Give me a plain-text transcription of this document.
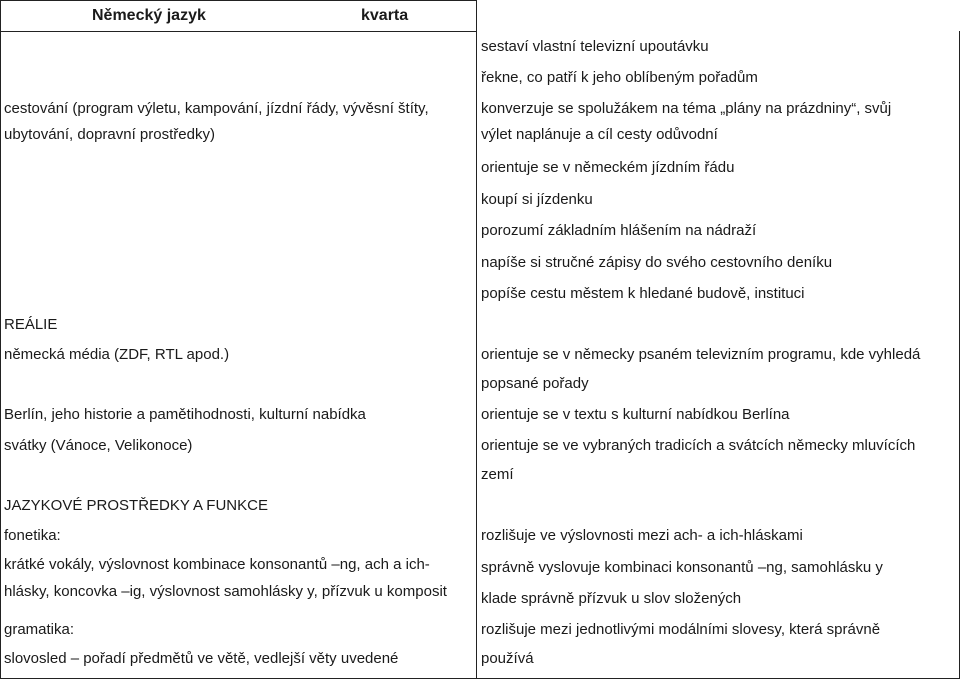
Německý jazyk	kvarta
cestování (program výletu, kampování, jízdní řády, vývěsní štíty,
ubytování, dopravní prostředky)
REÁLIE
německá média (ZDF, RTL apod.)
Berlín, jeho historie a pamětihodnosti, kulturní nabídka
svátky (Vánoce, Velikonoce)
JAZYKOVÉ PROSTŘEDKY A FUNKCE
fonetika:
krátké vokály, výslovnost kombinace konsonantů –ng, ach a ich-
hlásky, koncovka –ig, výslovnost samohlásky y, přízvuk u komposit
gramatika:
slovosled – pořadí předmětů ve větě, vedlejší věty uvedené
sestaví vlastní televizní upoutávku
řekne, co patří k jeho oblíbeným pořadům
konverzuje se spolužákem na téma „plány na prázdniny“, svůj
výlet naplánuje a cíl cesty odůvodní
orientuje se v německém jízdním řádu
koupí si jízdenku
porozumí základním hlášením na nádraží
napíše si stručné zápisy do svého cestovního deníku
popíše cestu městem k hledané budově, instituci
orientuje se v německy psaném televizním programu, kde vyhledá
popsané pořady
orientuje se v textu s kulturní nabídkou Berlína
orientuje se ve vybraných tradicích a svátcích německy mluvících
zemí
rozlišuje ve výslovnosti mezi ach- a ich-hláskami
správně vyslovuje kombinaci konsonantů –ng, samohlásku y
klade správně přízvuk u slov složených
rozlišuje mezi jednotlivými modálními slovesy, která správně
používá
